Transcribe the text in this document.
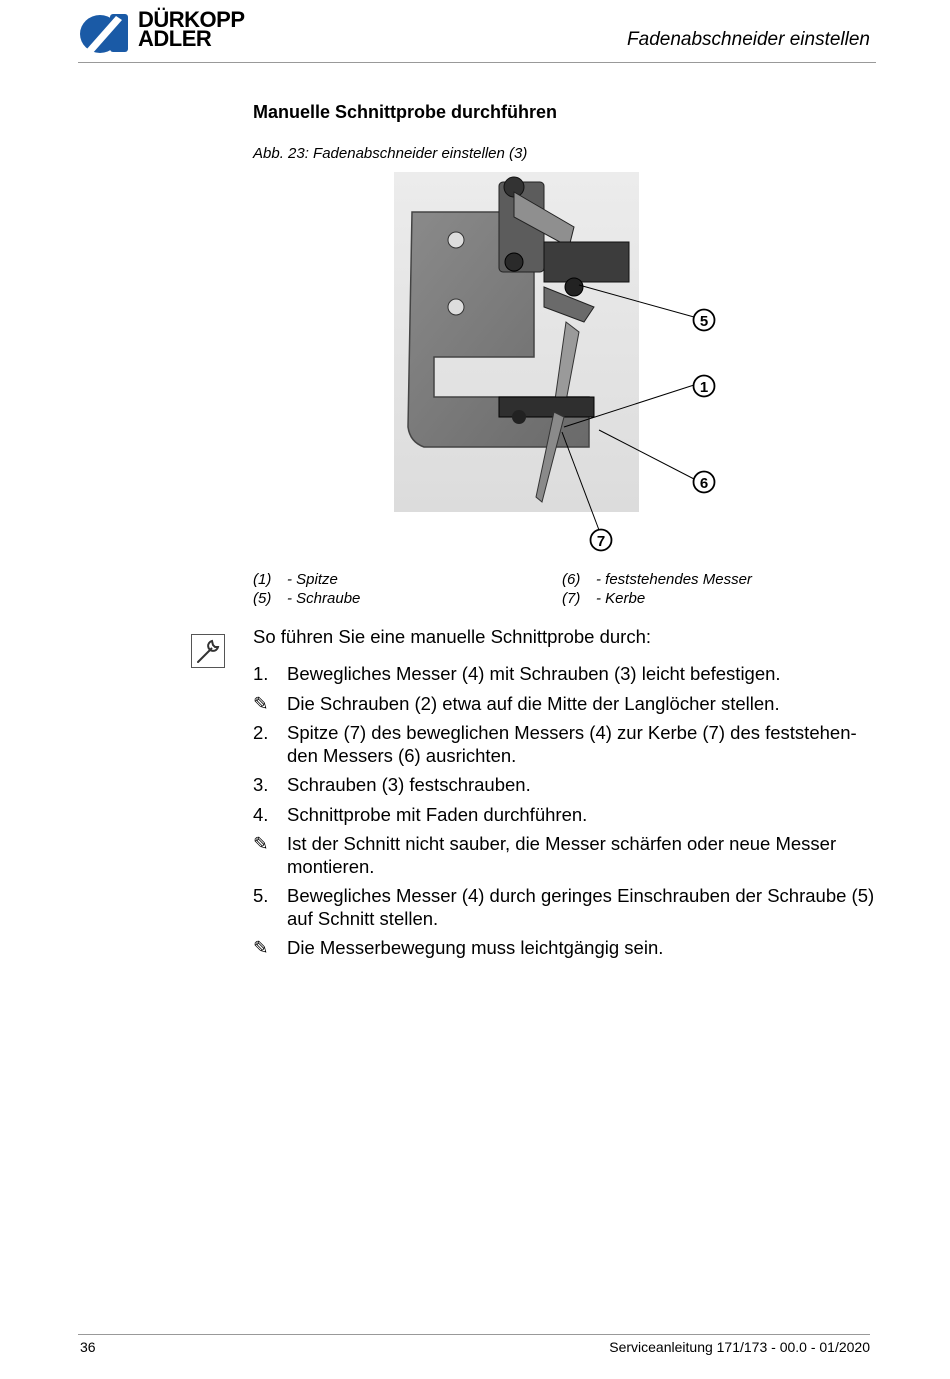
DÜRKOPP
ADLER	Fadenabschneider einstellen
Manuelle Schnittprobe durchführen
Abb. 23: Fadenabschneider einstellen (3)
5
1
6
7
(1)	- Spitze
(5)	- Schraube
(6)	- feststehendes Messer
(7)	- Kerbe
So führen Sie eine manuelle Schnittprobe durch:
1.	Bewegliches Messer (4) mit Schrauben (3) leicht befestigen.
✎ Die Schrauben (2) etwa auf die Mitte der Langlöcher stellen.
2.	Spitze (7) des beweglichen Messers (4) zur Kerbe (7) des feststehen-den Messers (6) ausrichten.
3.	Schrauben (3) festschrauben.
4.	Schnittprobe mit Faden durchführen.
✎ Ist der Schnitt nicht sauber, die Messer schärfen oder neue Messer montieren.
5.	Bewegliches Messer (4) durch geringes Einschrauben der Schraube (5) auf Schnitt stellen.
✎ Die Messerbewegung muss leichtgängig sein.
36	Serviceanleitung 171/173 - 00.0 - 01/2020
